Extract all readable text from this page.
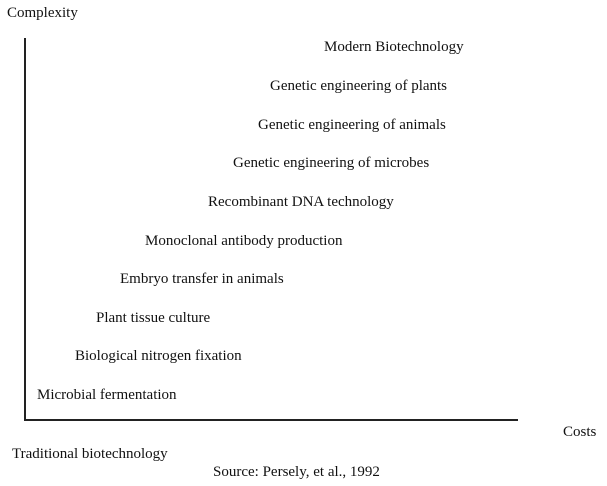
Complexity
Modern Biotechnology
Genetic engineering of plants
Genetic engineering of animals
Genetic engineering of microbes
Recombinant DNA technology
Monoclonal antibody production
Embryo transfer in animals
Plant tissue culture
Biological nitrogen fixation
Microbial fermentation
Costs
Traditional biotechnology
Source: Persely, et al., 1992
